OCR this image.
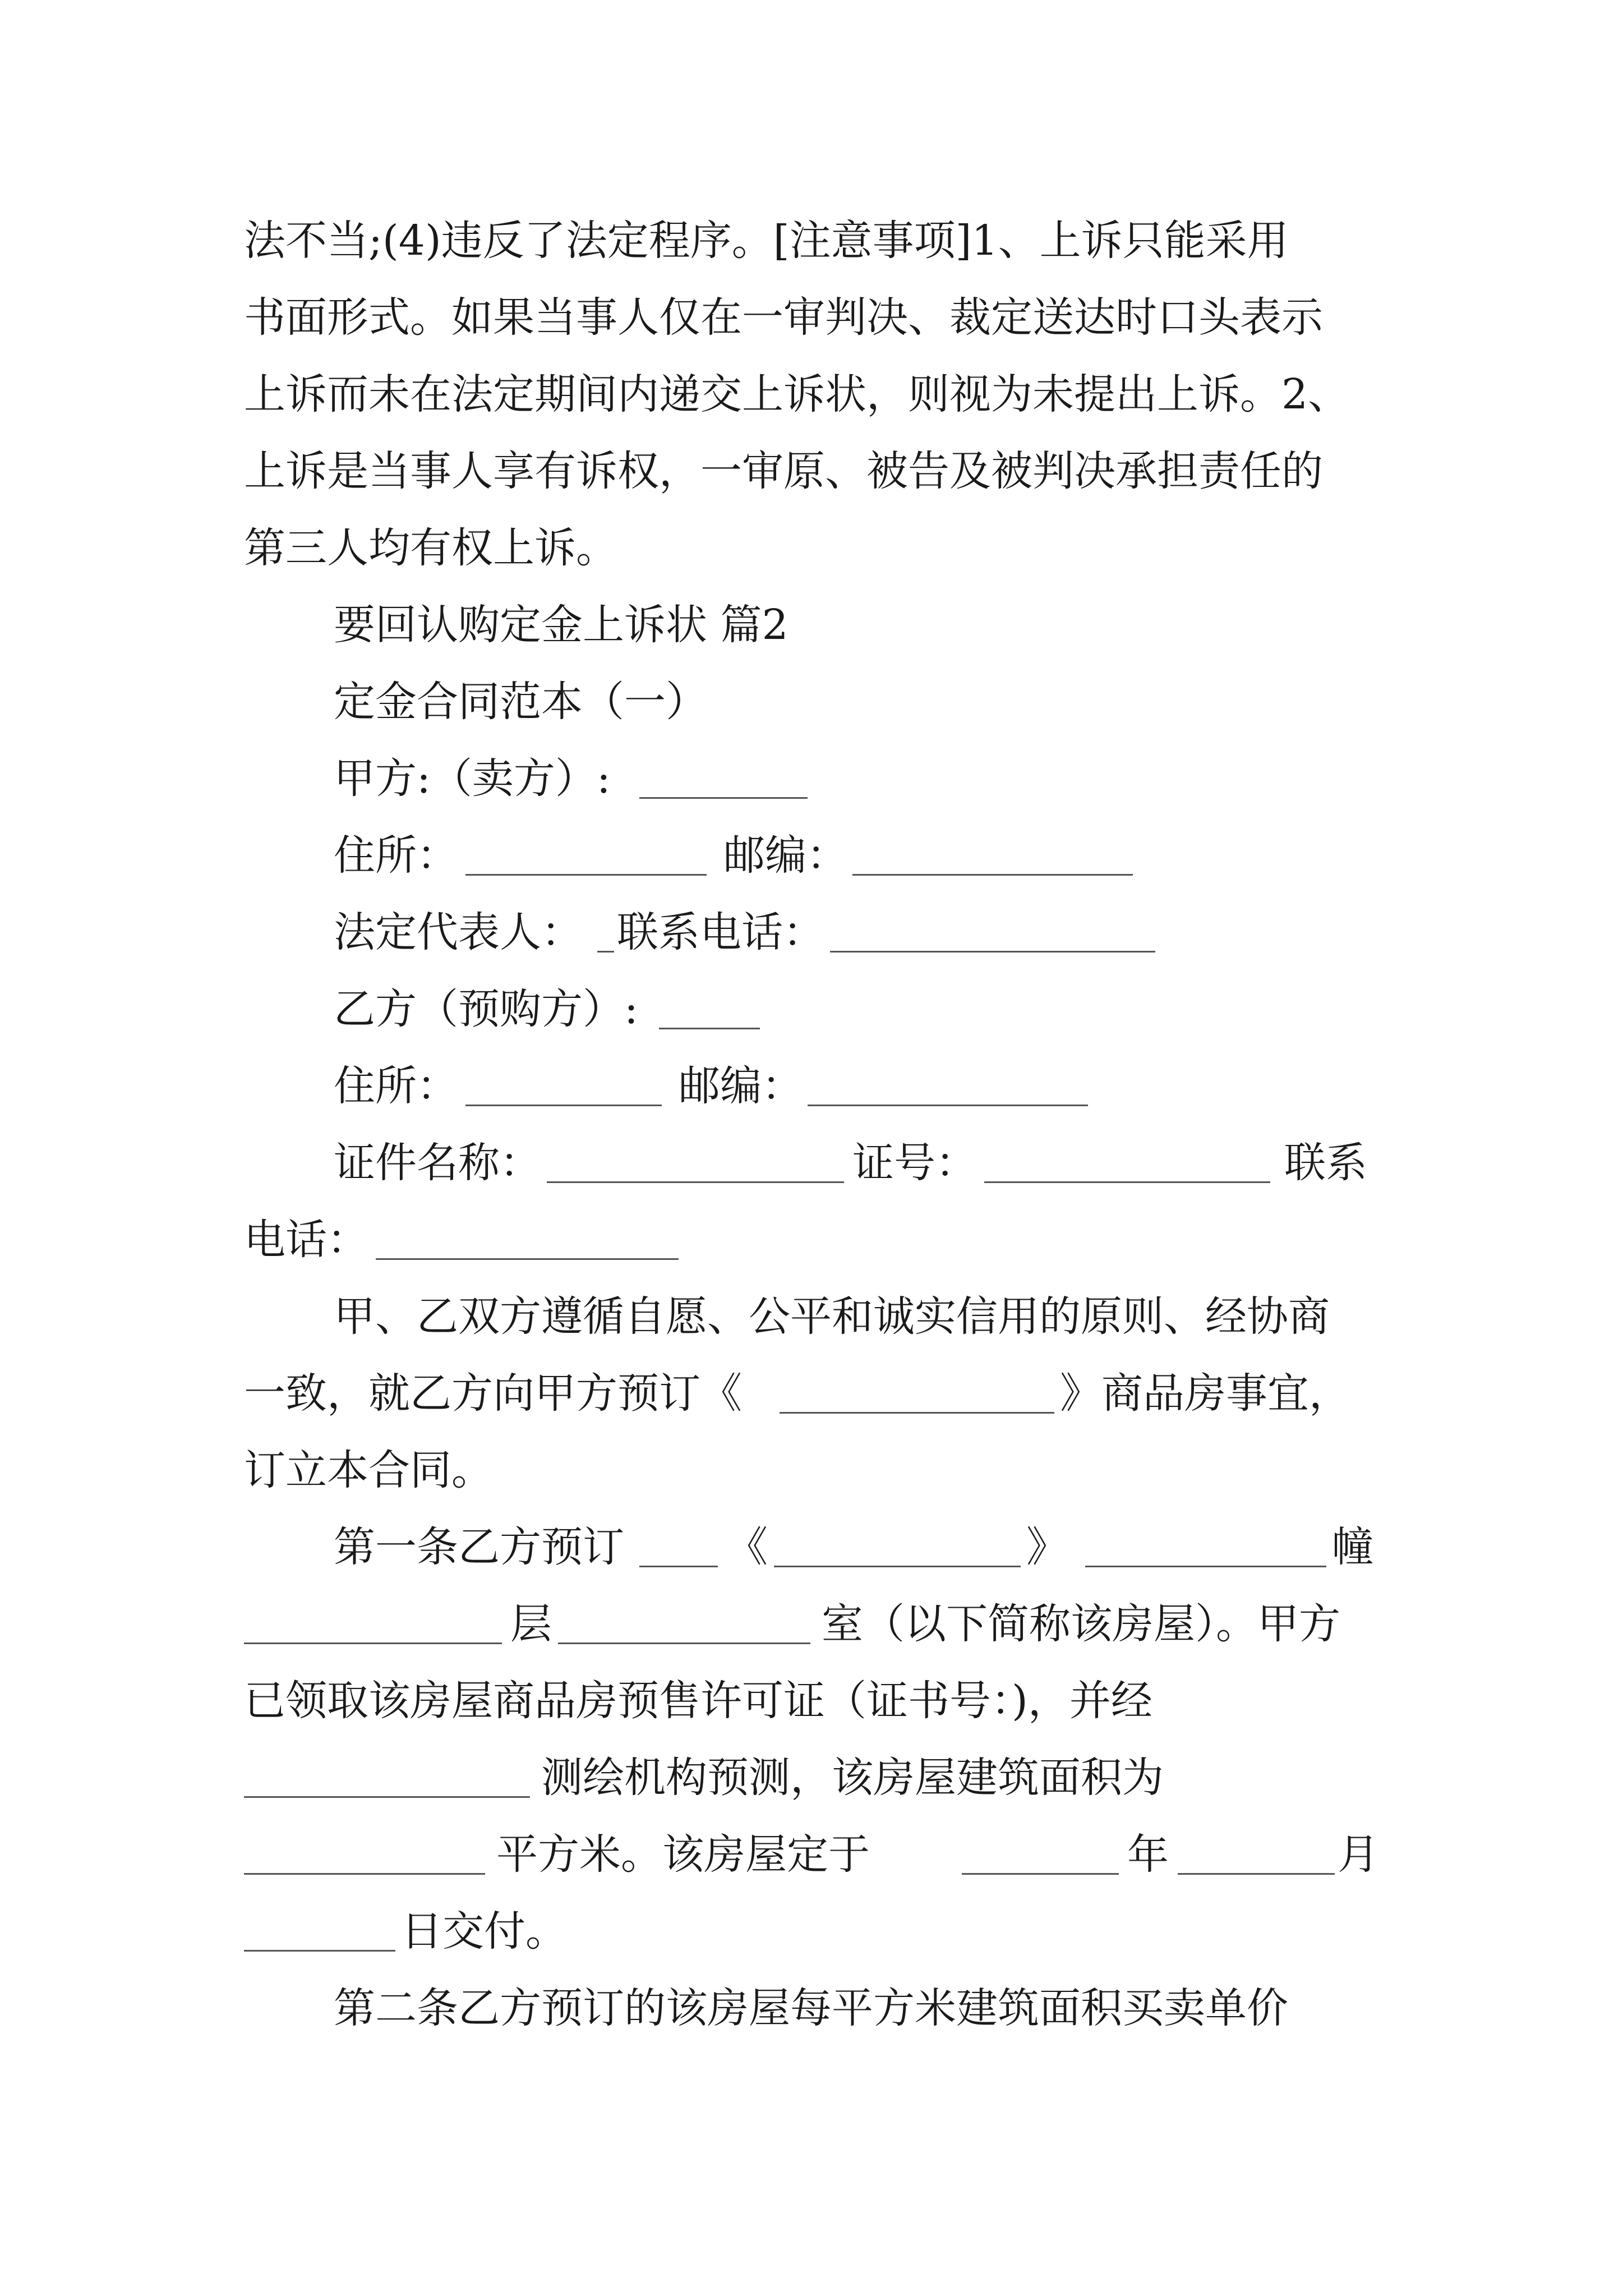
法不当;(4)违反了法定程序。[注意事项]1、上诉只能采用
书面形式。如果当事人仅在一审判决、裁定送达时口头表示
上诉而未在法定期间内递交上诉状，则视为未提出上诉。2、
上诉是当事人享有诉权，一审原、被告及被判决承担责任的
第三人均有权上诉。
要回认购定金上诉状 篇2
定金合同范本（一）
甲方:（卖方）:
住所：	邮编：
法定代表人： 联系电话：
乙方（预购方）:
住所：	邮编：
证件名称：	证号：	联系
电话：
甲、乙双方遵循自愿、公平和诚实信用的原则、经协商
一致，就乙方向甲方预订《	》商品房事宜，
订立本合同。
第一条乙方预订 《	》	幢
层	室（以下简称该房屋）。甲方
已领取该房屋商品房预售许可证（证书号：)，并经
测绘机构预测，该房屋建筑面积为
平方米。该房屋定于	年	月
日交付。
第二条乙方预订的该房屋每平方米建筑面积买卖单价
